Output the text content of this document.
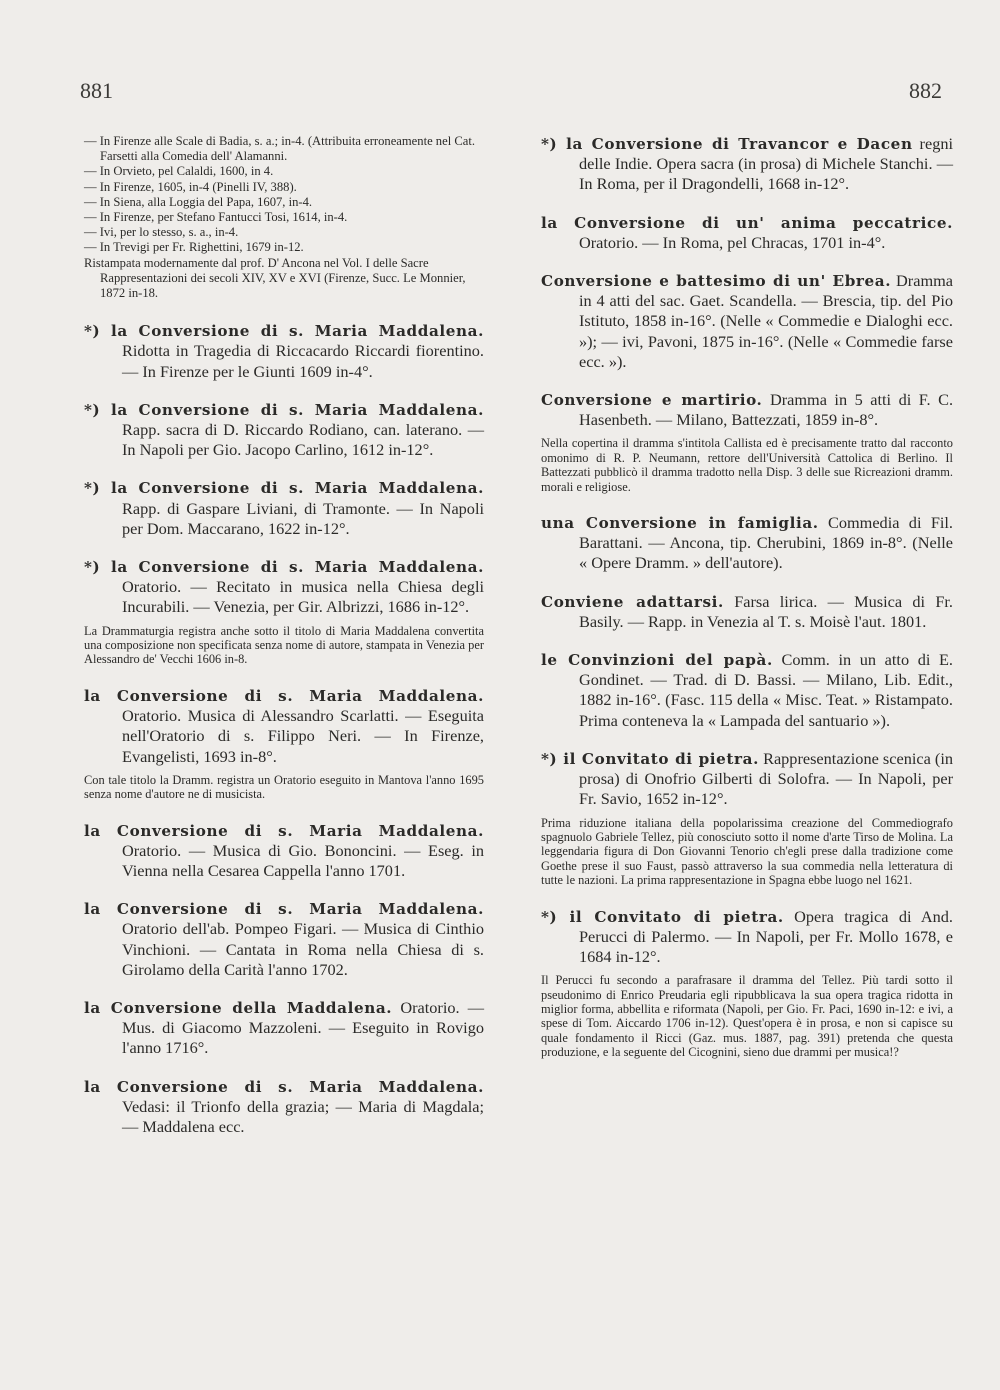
881	882
— In Firenze alle Scale di Badia, s. a.; in-4. (Attribuita erroneamente nel Cat. Farsetti alla Comedia dell' Alamanni.
— In Orvieto, pel Calaldi, 1600, in 4.
— In Firenze, 1605, in-4 (Pinelli IV, 388).
— In Siena, alla Loggia del Papa, 1607, in-4.
— In Firenze, per Stefano Fantucci Tosi, 1614, in-4.
— Ivi, per lo stesso, s. a., in-4.
— In Trevigi per Fr. Righettini, 1679 in-12.
Ristampata modernamente dal prof. D' Ancona nel Vol. I delle Sacre Rappresentazioni dei secoli XIV, XV e XVI (Firenze, Succ. Le Monnier, 1872 in-18.

*) la Conversione di s. Maria Maddalena. Ridotta in Tragedia di Riccacardo Riccardi fiorentino. — In Firenze per le Giunti 1609 in-4°.

*) la Conversione di s. Maria Maddalena. Rapp. sacra di D. Riccardo Rodiano, can. laterano. — In Napoli per Gio. Jacopo Carlino, 1612 in-12°.

*) la Conversione di s. Maria Maddalena. Rapp. di Gaspare Liviani, di Tramonte. — In Napoli per Dom. Maccarano, 1622 in-12°.

*) la Conversione di s. Maria Maddalena. Oratorio. — Recitato in musica nella Chiesa degli Incurabili. — Venezia, per Gir. Albrizzi, 1686 in-12°.

La Drammaturgia registra anche sotto il titolo di Maria Maddalena convertita una composizione non specificata senza nome di autore, stampata in Venezia per Alessandro de' Vecchi 1606 in-8.

la Conversione di s. Maria Maddalena. Oratorio. Musica di Alessandro Scarlatti. — Eseguita nell'Oratorio di s. Filippo Neri. — In Firenze, Evangelisti, 1693 in-8°.

Con tale titolo la Dramm. registra un Oratorio eseguito in Mantova l'anno 1695 senza nome d'autore ne di musicista.

la Conversione di s. Maria Maddalena. Oratorio. — Musica di Gio. Bononcini. — Eseg. in Vienna nella Cesarea Cappella l'anno 1701.

la Conversione di s. Maria Maddalena. Oratorio dell'ab. Pompeo Figari. — Musica di Cinthio Vinchioni. — Cantata in Roma nella Chiesa di s. Girolamo della Carità l'anno 1702.

la Conversione della Maddalena. Oratorio. — Mus. di Giacomo Mazzoleni. — Eseguito in Rovigo l'anno 1716°.

la Conversione di s. Maria Maddalena. Vedasi: il Trionfo della grazia; — Maria di Magdala; — Maddalena ecc.

*) la Conversione di Travancor e Dacen regni delle Indie. Opera sacra (in prosa) di Michele Stanchi. — In Roma, per il Dragondelli, 1668 in-12°.

la Conversione di un' anima peccatrice. Oratorio. — In Roma, pel Chracas, 1701 in-4°.

Conversione e battesimo di un' Ebrea. Dramma in 4 atti del sac. Gaet. Scandella. — Brescia, tip. del Pio Istituto, 1858 in-16°. (Nelle « Commedie e Dialoghi ecc. »); — ivi, Pavoni, 1875 in-16°. (Nelle « Commedie farse ecc. »).

Conversione e martirio. Dramma in 5 atti di F. C. Hasenbeth. — Milano, Battezzati, 1859 in-8°.

Nella copertina il dramma s'intitola Callista ed è precisamente tratto dal racconto omonimo di R. P. Neumann, rettore dell'Università Cattolica di Berlino. Il Battezzati pubblicò il dramma tradotto nella Disp. 3 delle sue Ricreazioni dramm. morali e religiose.

una Conversione in famiglia. Commedia di Fil. Barattani. — Ancona, tip. Cherubini, 1869 in-8°. (Nelle « Opere Dramm. » dell'autore).

Conviene adattarsi. Farsa lirica. — Musica di Fr. Basily. — Rapp. in Venezia al T. s. Moisè l'aut. 1801.

le Convinzioni del papà. Comm. in un atto di E. Gondinet. — Trad. di D. Bassi. — Milano, Lib. Edit., 1882 in-16°. (Fasc. 115 della « Misc. Teat. » Ristampato. Prima conteneva la « Lampada del santuario »).

*) il Convitato di pietra. Rappresentazione scenica (in prosa) di Onofrio Gilberti di Solofra. — In Napoli, per Fr. Savio, 1652 in-12°.

Prima riduzione italiana della popolarissima creazione del Commediografo spagnuolo Gabriele Tellez, più conosciuto sotto il nome d'arte Tirso de Molina. La leggendaria figura di Don Giovanni Tenorio ch'egli prese dalla tradizione come Goethe prese il suo Faust, passò attraverso la sua commedia nella letteratura di tutte le nazioni. La prima rappresentazione in Spagna ebbe luogo nel 1621.

*) il Convitato di pietra. Opera tragica di And. Perucci di Palermo. — In Napoli, per Fr. Mollo 1678, e 1684 in-12°.

Il Perucci fu secondo a parafrasare il dramma del Tellez. Più tardi sotto il pseudonimo di Enrico Preudaria egli ripubblicava la sua opera tragica ridotta in miglior forma, abbellita e riformata (Napoli, per Gio. Fr. Paci, 1690 in-12: e ivi, a spese di Tom. Aiccardo 1706 in-12). Quest'opera è in prosa, e non si capisce su quale fondamento il Ricci (Gaz. mus. 1887, pag. 391) pretenda che questa produzione, e la seguente del Cicognini, sieno due drammi per musica!?
